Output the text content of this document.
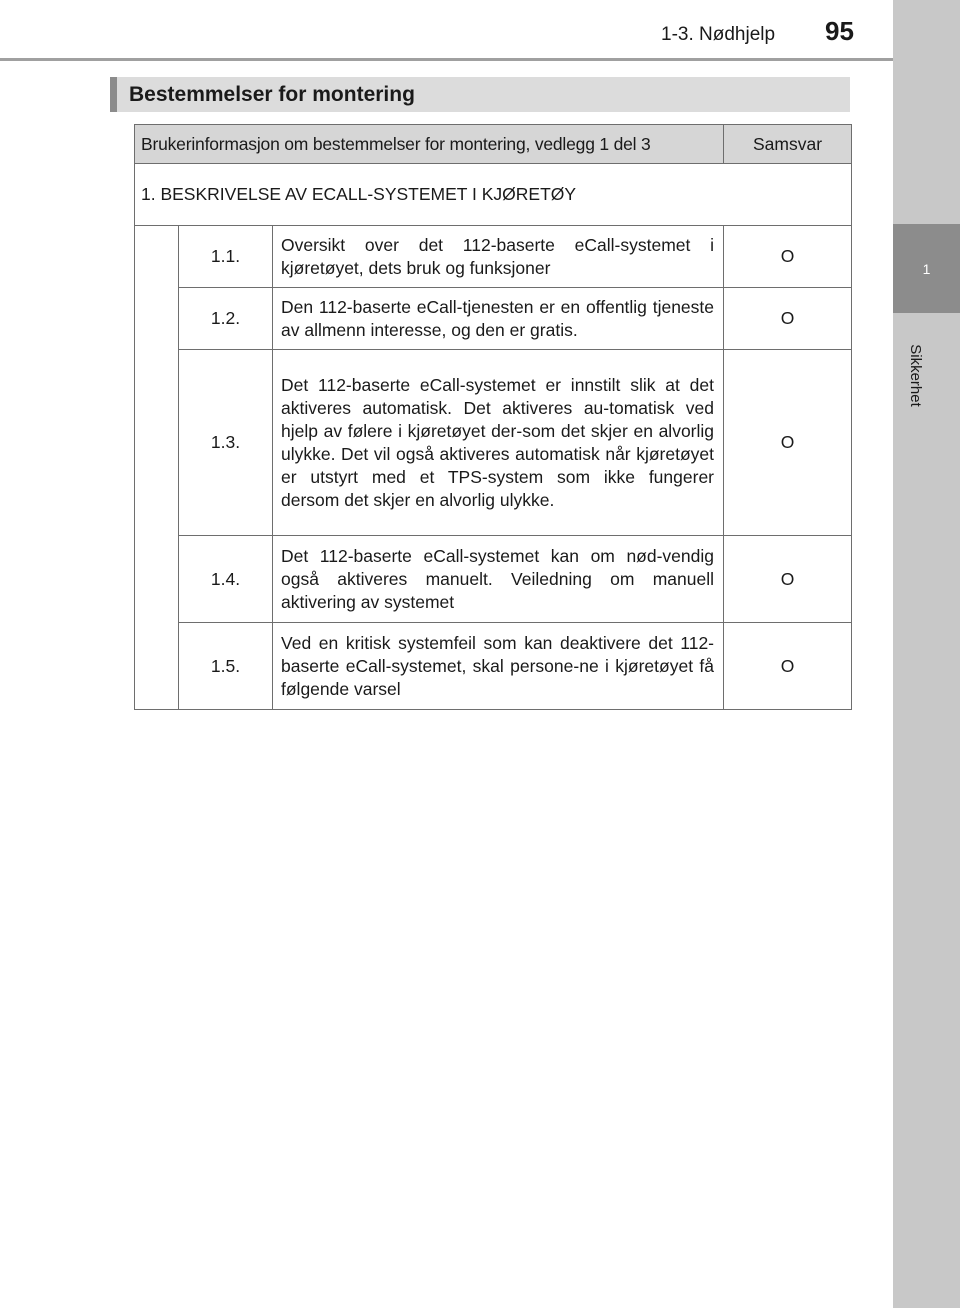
1
Sikkerhet
1-3. Nødhjelp 95
Bestemmelser for montering
Brukerinformasjon om bestemmelser for montering, vedlegg 1 del 3			Samsvar
1. BESKRIVELSE AV ECALL-SYSTEMET I KJØRETØY			
	1.1.	Oversikt over det 112-baserte eCall-systemet i kjøretøyet, dets bruk og funksjoner	O
	1.2.	Den 112-baserte eCall-tjenesten er en offentlig tjeneste av allmenn interesse, og den er gratis.	O
	1.3.	Det 112-baserte eCall-systemet er innstilt slik at det aktiveres automatisk. Det aktiveres au-tomatisk ved hjelp av følere i kjøretøyet der-som det skjer en alvorlig ulykke. Det vil også aktiveres automatisk når kjøretøyet er utstyrt med et TPS-system som ikke fungerer dersom det skjer en alvorlig ulykke.	O
	1.4.	Det 112-baserte eCall-systemet kan om nød-vendig også aktiveres manuelt. Veiledning om manuell aktivering av systemet	O
	1.5.	Ved en kritisk systemfeil som kan deaktivere det 112-baserte eCall-systemet, skal persone-ne i kjøretøyet få følgende varsel	O
